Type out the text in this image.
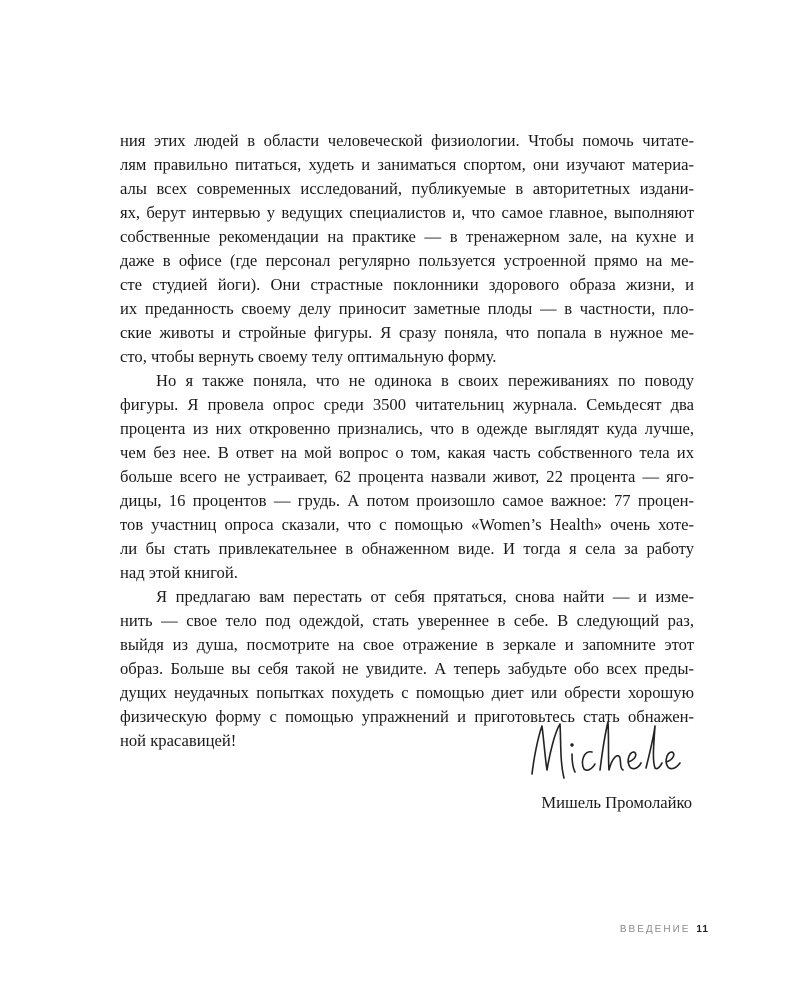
ния этих людей в области человеческой физиологии. Чтобы помочь читате-
лям правильно питаться, худеть и заниматься спортом, они изучают материа-
алы всех современных исследований, публикуемые в авторитетных издани-
ях, берут интервью у ведущих специалистов и, что самое главное, выполняют
собственные рекомендации на практике — в тренажерном зале, на кухне и
даже в офисе (где персонал регулярно пользуется устроенной прямо на ме-
сте студией йоги). Они страстные поклонники здорового образа жизни, и
их преданность своему делу приносит заметные плоды — в частности, пло-
ские животы и стройные фигуры. Я сразу поняла, что попала в нужное ме-
сто, чтобы вернуть своему телу оптимальную форму.
Но я также поняла, что не одинока в своих переживаниях по поводу
фигуры. Я провела опрос среди 3500 читательниц журнала. Семьдесят два
процента из них откровенно признались, что в одежде выглядят куда лучше,
чем без нее. В ответ на мой вопрос о том, какая часть собственного тела их
больше всего не устраивает, 62 процента назвали живот, 22 процента — яго-
дицы, 16 процентов — грудь. А потом произошло самое важное: 77 процен-
тов участниц опроса сказали, что с помощью «Women’s Health» очень хоте-
ли бы стать привлекательнее в обнаженном виде. И тогда я села за работу
над этой книгой.
Я предлагаю вам перестать от себя прятаться, снова найти — и изме-
нить — свое тело под одеждой, стать увереннее в себе. В следующий раз,
выйдя из душа, посмотрите на свое отражение в зеркале и запомните этот
образ. Больше вы себя такой не увидите. А теперь забудьте обо всех преды-
дущих неудачных попытках похудеть с помощью диет или обрести хорошую
физическую форму с помощью упражнений и приготовьтесь стать обнажен-
ной красавицей!
Мишель Промолайко
ВВЕДЕНИЕ 11
